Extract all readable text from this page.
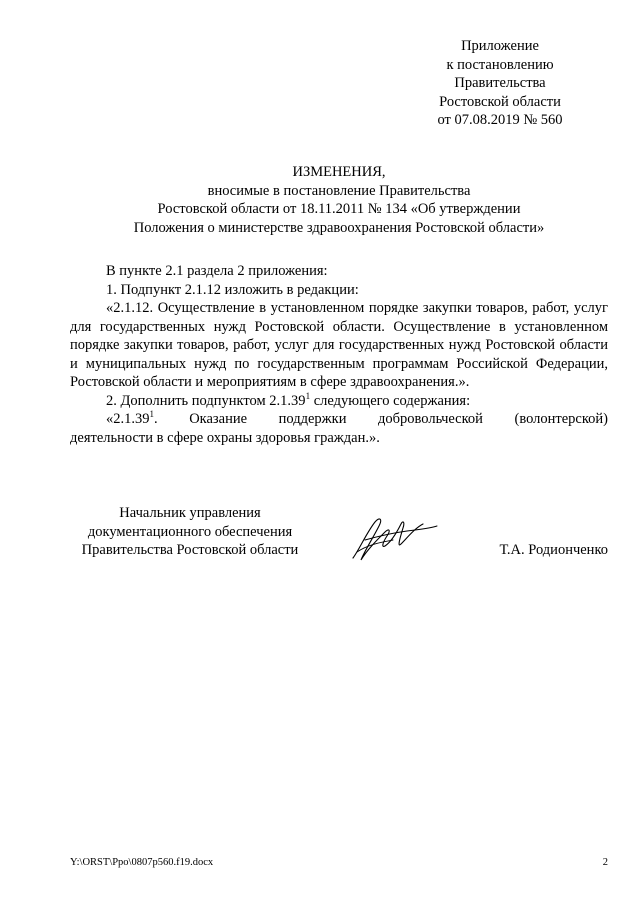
Приложение
к постановлению
Правительства
Ростовской области
от 07.08.2019 № 560
ИЗМЕНЕНИЯ,
вносимые в постановление Правительства
Ростовской области от 18.11.2011 № 134 «Об утверждении
Положения о министерстве здравоохранения Ростовской области»
В пункте 2.1 раздела 2 приложения:
1. Подпункт 2.1.12 изложить в редакции:
«2.1.12. Осуществление в установленном порядке закупки товаров, работ, услуг для государственных нужд Ростовской области. Осуществление в установленном порядке закупки товаров, работ, услуг для государственных нужд Ростовской области и муниципальных нужд по государственным программам Российской Федерации, Ростовской области и мероприятиям в сфере здравоохранения.».
2. Дополнить подпунктом 2.1.39$^1$ следующего содержания:
«2.1.39$^1$. Оказание поддержки добровольческой (волонтерской)
деятельности в сфере охраны здоровья граждан.».
Начальник управления
документационного обеспечения
Правительства Ростовской области	Т.А. Родионченко
Y:\ORST\Ppo\0807p560.f19.docx	2
